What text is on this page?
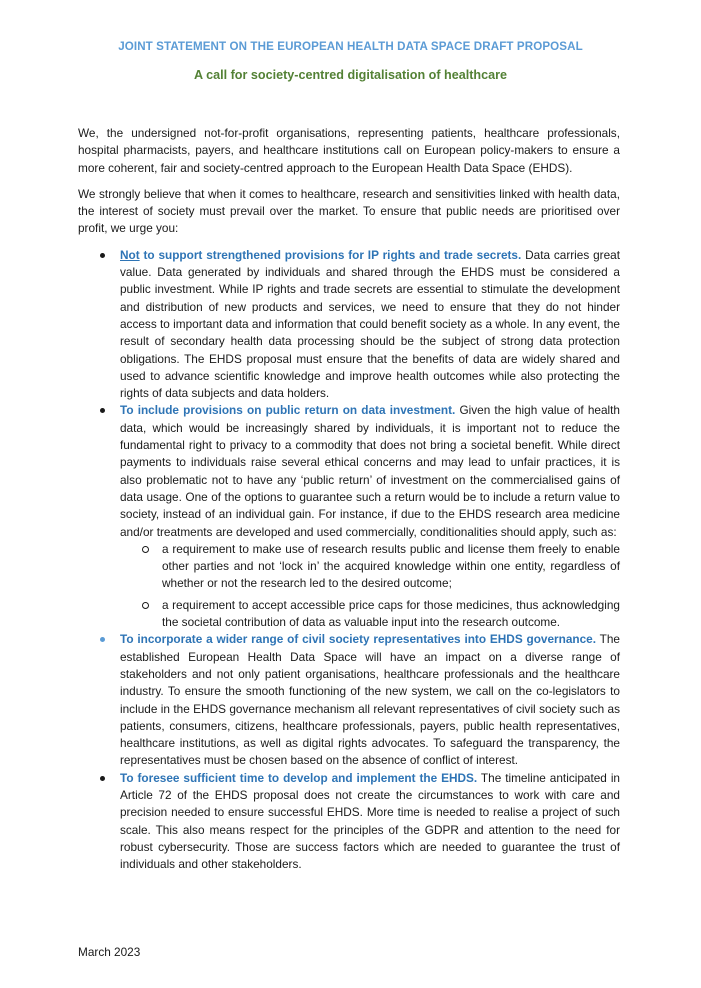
JOINT STATEMENT ON THE EUROPEAN HEALTH DATA SPACE DRAFT PROPOSAL
A call for society-centred digitalisation of healthcare

We, the undersigned not-for-profit organisations, representing patients, healthcare professionals, hospital pharmacists, payers, and healthcare institutions call on European policy-makers to ensure a more coherent, fair and society-centred approach to the European Health Data Space (EHDS).

We strongly believe that when it comes to healthcare, research and sensitivities linked with health data, the interest of society must prevail over the market. To ensure that public needs are prioritised over profit, we urge you:

Not to support strengthened provisions for IP rights and trade secrets. Data carries great value. Data generated by individuals and shared through the EHDS must be considered a public investment. While IP rights and trade secrets are essential to stimulate the development and distribution of new products and services, we need to ensure that they do not hinder access to important data and information that could benefit society as a whole. In any event, the result of secondary health data processing should be the subject of strong data protection obligations. The EHDS proposal must ensure that the benefits of data are widely shared and used to advance scientific knowledge and improve health outcomes while also protecting the rights of data subjects and data holders.
To include provisions on public return on data investment. Given the high value of health data, which would be increasingly shared by individuals, it is important not to reduce the fundamental right to privacy to a commodity that does not bring a societal benefit. While direct payments to individuals raise several ethical concerns and may lead to unfair practices, it is also problematic not to have any ‘public return’ of investment on the commercialised gains of data usage. One of the options to guarantee such a return would be to include a return value to society, instead of an individual gain. For instance, if due to the EHDS research area medicine and/or treatments are developed and used commercially, conditionalities should apply, such as:
a requirement to make use of research results public and license them freely to enable other parties and not ‘lock in’ the acquired knowledge within one entity, regardless of whether or not the research led to the desired outcome;
a requirement to accept accessible price caps for those medicines, thus acknowledging the societal contribution of data as valuable input into the research outcome.
To incorporate a wider range of civil society representatives into EHDS governance. The established European Health Data Space will have an impact on a diverse range of stakeholders and not only patient organisations, healthcare professionals and the healthcare industry. To ensure the smooth functioning of the new system, we call on the co-legislators to include in the EHDS governance mechanism all relevant representatives of civil society such as patients, consumers, citizens, healthcare professionals, payers, public health representatives, healthcare institutions, as well as digital rights advocates. To safeguard the transparency, the representatives must be chosen based on the absence of conflict of interest.
To foresee sufficient time to develop and implement the EHDS. The timeline anticipated in Article 72 of the EHDS proposal does not create the circumstances to work with care and precision needed to ensure successful EHDS. More time is needed to realise a project of such scale. This also means respect for the principles of the GDPR and attention to the need for robust cybersecurity. Those are success factors which are needed to guarantee the trust of individuals and other stakeholders.

March 2023
